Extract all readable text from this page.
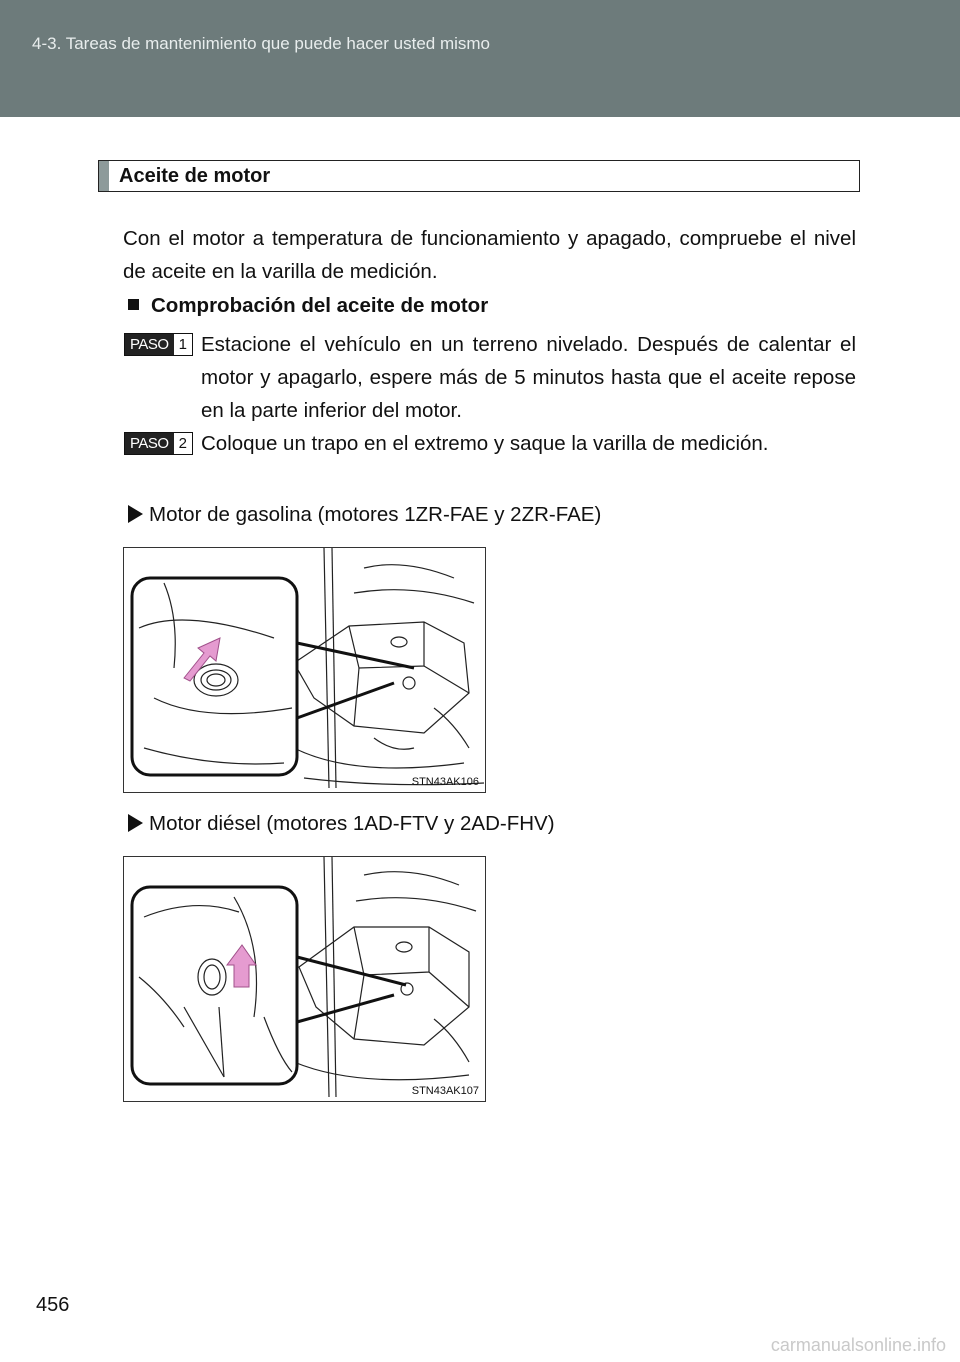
4-3. Tareas de mantenimiento que puede hacer usted mismo
Aceite de motor
Con el motor a temperatura de funcionamiento y apagado, compruebe el nivel de aceite en la varilla de medición.
Comprobación del aceite de motor
PASO 1 Estacione el vehículo en un terreno nivelado. Después de calentar el motor y apagarlo, espere más de 5 minutos hasta que el aceite repose en la parte inferior del motor.
PASO 2 Coloque un trapo en el extremo y saque la varilla de medición.
Motor de gasolina (motores 1ZR-FAE y 2ZR-FAE)
STN43AK106
Motor diésel (motores 1AD-FTV y 2AD-FHV)
STN43AK107
456
carmanualsonline.info
